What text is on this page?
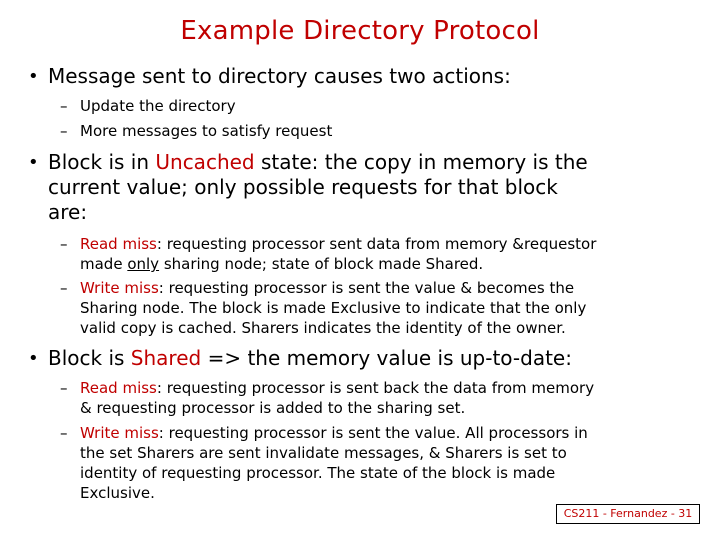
Example Directory Protocol
• Message sent to directory causes two actions:
– Update the directory
– More messages to satisfy request
• Block is in Uncached state: the copy in memory is the
current value; only possible requests for that block
are:
– Read miss: requesting processor sent data from memory &requestor
made only sharing node; state of block made Shared.
– Write miss: requesting processor is sent the value & becomes the
Sharing node. The block is made Exclusive to indicate that the only
valid copy is cached. Sharers indicates the identity of the owner.
• Block is Shared => the memory value is up-to-date:
– Read miss: requesting processor is sent back the data from memory
& requesting processor is added to the sharing set.
– Write miss: requesting processor is sent the value. All processors in
the set Sharers are sent invalidate messages, & Sharers is set to
identity of requesting processor. The state of the block is made
Exclusive.
CS211 - Fernandez - 31
